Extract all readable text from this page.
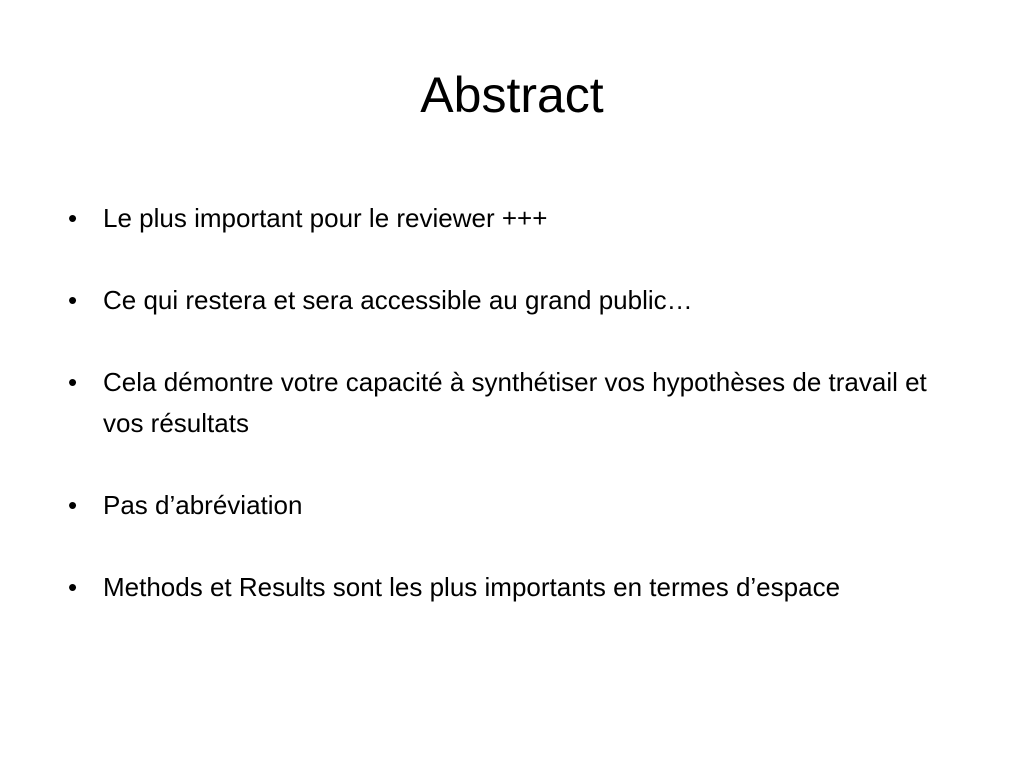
Abstract
• Le plus important pour le reviewer +++
• Ce qui restera et sera accessible au grand public…
• Cela démontre votre capacité à synthétiser vos hypothèses de travail et vos résultats
• Pas d’abréviation
• Methods et Results sont les plus importants en termes d’espace
